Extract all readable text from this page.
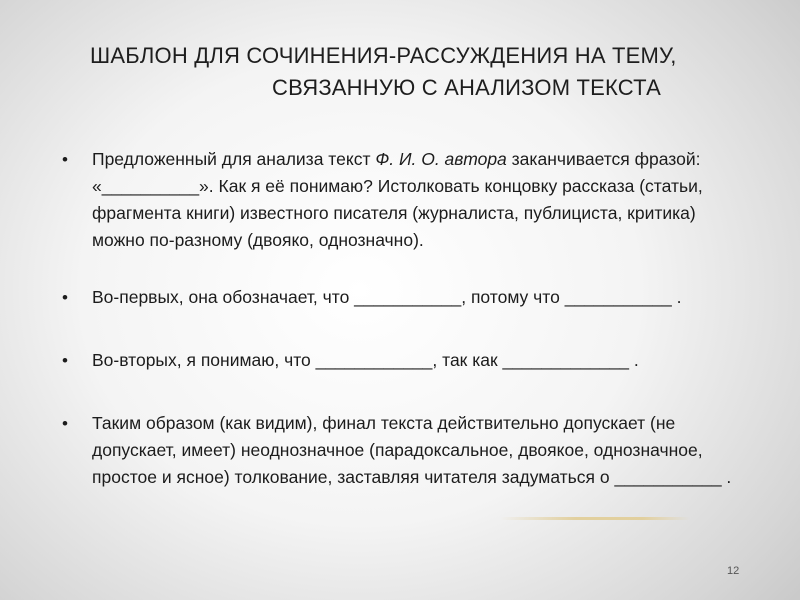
ШАБЛОН ДЛЯ СОЧИНЕНИЯ-РАССУЖДЕНИЯ НА ТЕМУ,
СВЯЗАННУЮ С АНАЛИЗОМ ТЕКСТА
• Предложенный для анализа текст Ф. И. О. автора заканчивается фразой: «__________». Как я её понимаю? Истолковать концовку рассказа (статьи, фрагмента книги) известного писателя (журналиста, публициста, критика) можно по-разному (двояко, однозначно).
• Во-первых, она обозначает, что ___________, потому что ___________ .
• Во-вторых, я понимаю, что ____________, так как _____________ .
• Таким образом (как видим), финал текста действительно допускает (не допускает, имеет) неоднозначное (парадоксальное, двоякое, однозначное, простое и ясное) толкование, заставляя читателя задуматься о ___________ .
12
